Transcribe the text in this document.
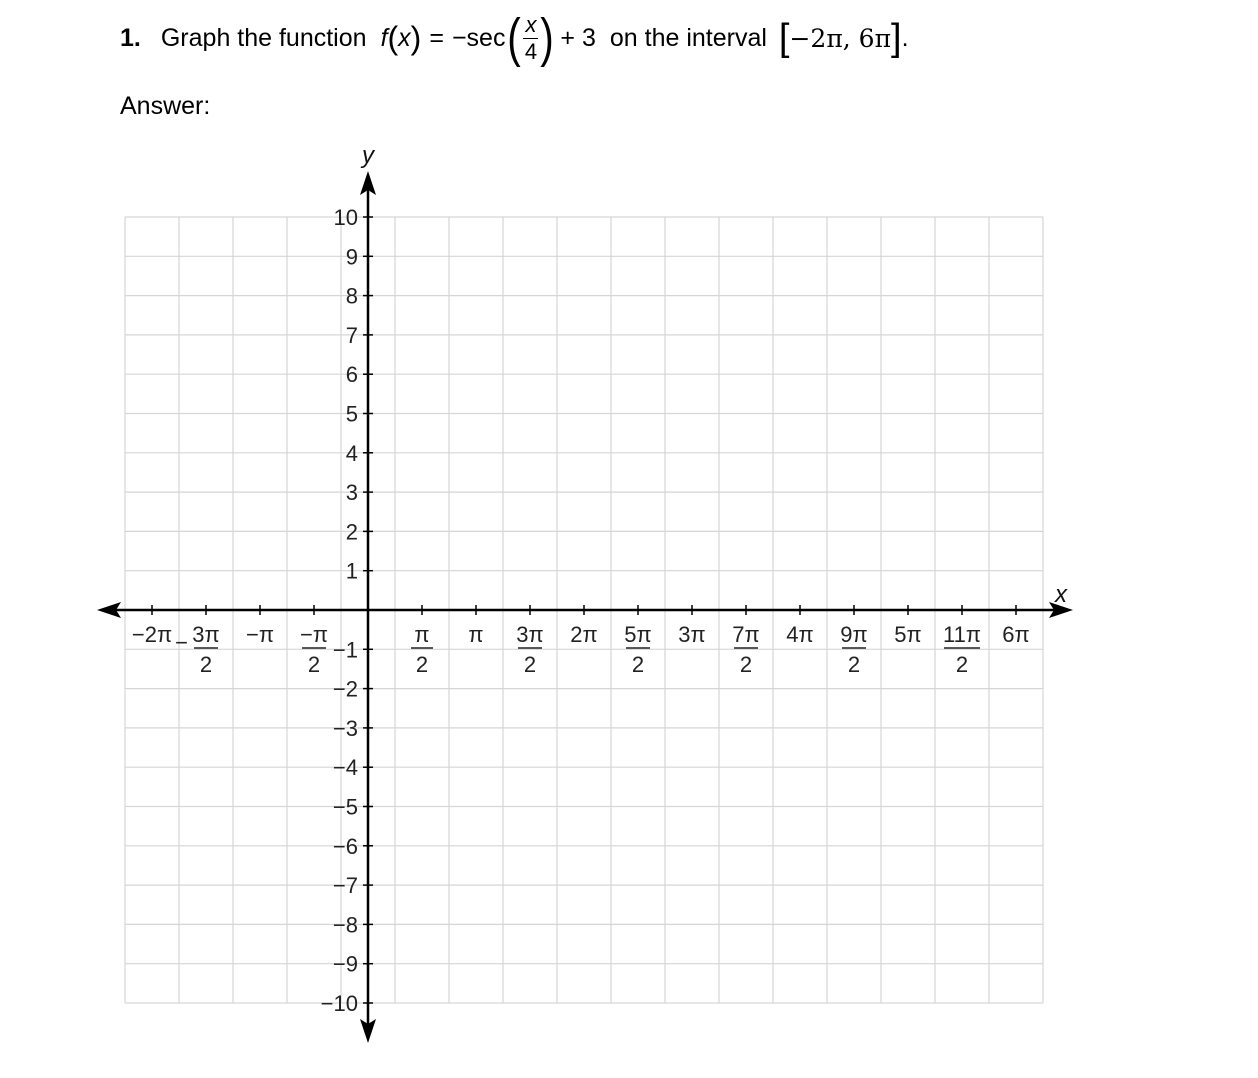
1. Graph the function f ( x ) = −sec ( $\frac{x}{4}$ ) + 3 on the interval [ −2π, 6π ] .
Answer:
x
y
10
9
8
7
6
5
4
3
2
1
−1
−2
−3
−4
−5
−6
−7
−8
−9
−10
−2π 3π
2
−	−π −π
2
π
2
π 3π
2
2π 5π
2
3π 7π
2
4π 9π
2
5π 11π
2
6π
